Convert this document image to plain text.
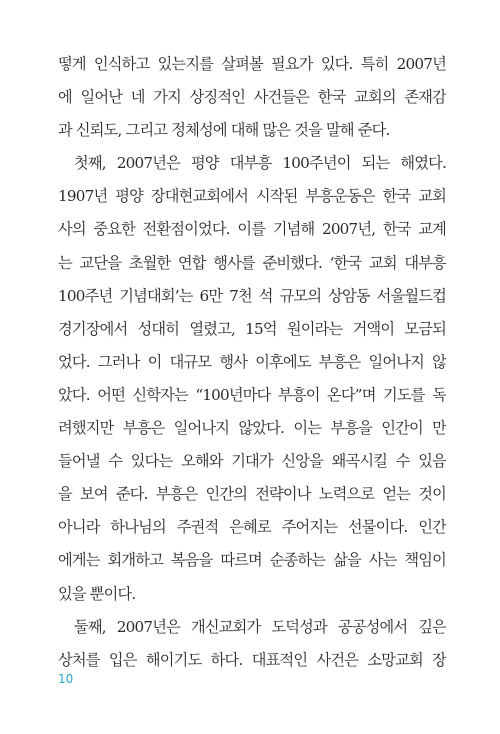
떻게 인식하고 있는지를 살펴볼 필요가 있다. 특히 2007년
에 일어난 네 가지 상징적인 사건들은 한국 교회의 존재감
과 신뢰도, 그리고 정체성에 대해 많은 것을 말해 준다.
첫째, 2007년은 평양 대부흥 100주년이 되는 해였다.
1907년 평양 장대현교회에서 시작된 부흥운동은 한국 교회
사의 중요한 전환점이었다. 이를 기념해 2007년, 한국 교계
는 교단을 초월한 연합 행사를 준비했다. ‘한국 교회 대부흥
100주년 기념대회’는 6만 7천 석 규모의 상암동 서울월드컵
경기장에서 성대히 열렸고, 15억 원이라는 거액이 모금되
었다. 그러나 이 대규모 행사 이후에도 부흥은 일어나지 않
았다. 어떤 신학자는 “100년마다 부흥이 온다”며 기도를 독
려했지만 부흥은 일어나지 않았다. 이는 부흥을 인간이 만
들어낼 수 있다는 오해와 기대가 신앙을 왜곡시킬 수 있음
을 보여 준다. 부흥은 인간의 전략이나 노력으로 얻는 것이
아니라 하나님의 주권적 은혜로 주어지는 선물이다. 인간
에게는 회개하고 복음을 따르며 순종하는 삶을 사는 책임이
있을 뿐이다.
둘째, 2007년은 개신교회가 도덕성과 공공성에서 깊은
상처를 입은 해이기도 하다. 대표적인 사건은 소망교회 장
10
